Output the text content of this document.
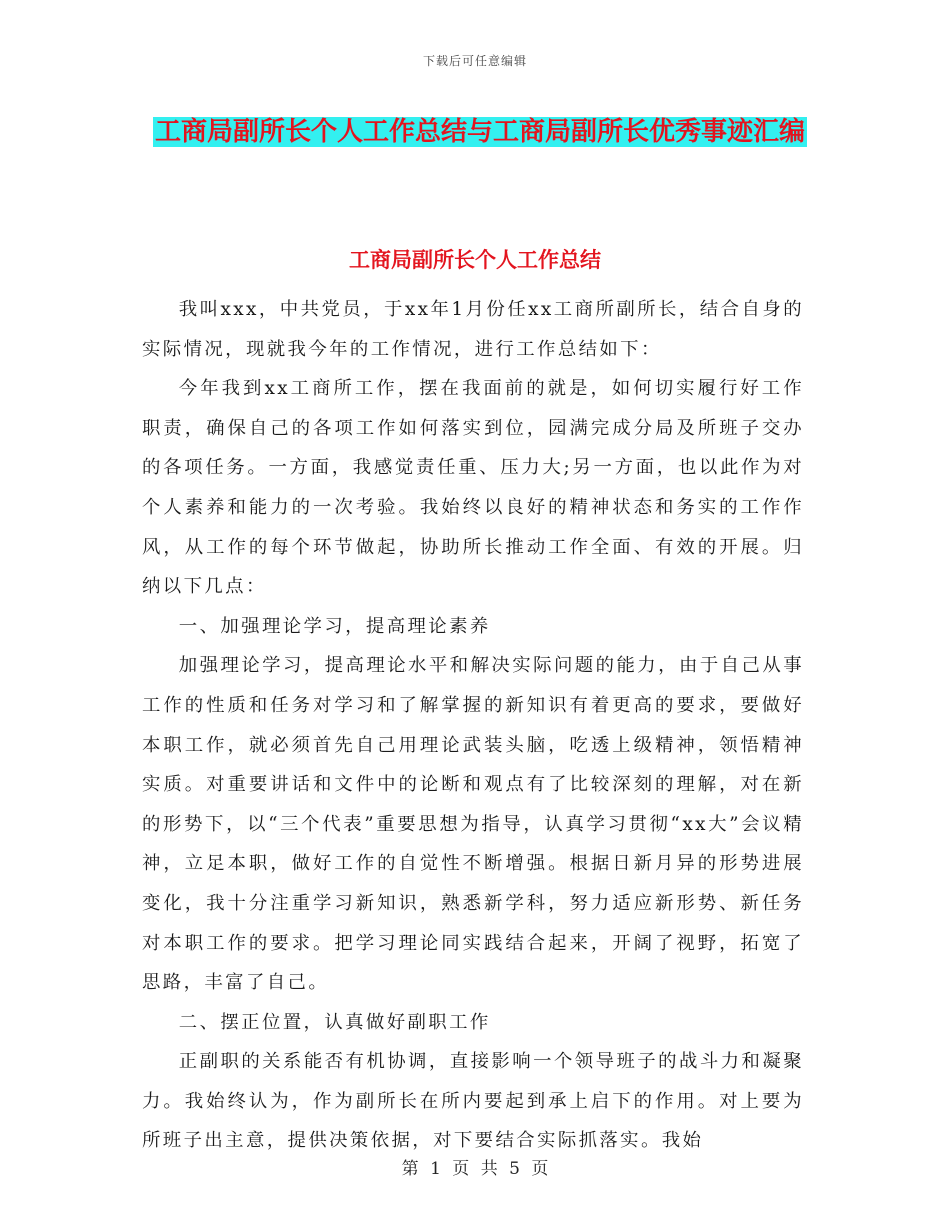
下载后可任意编辑
工商局副所长个人工作总结与工商局副所长优秀事迹汇编
工商局副所长个人工作总结

我叫xxx，中共党员，于xx年1月份任xx工商所副所长，结合自身的实际情况，现就我今年的工作情况，进行工作总结如下：

今年我到xx工商所工作，摆在我面前的就是，如何切实履行好工作职责，确保自己的各项工作如何落实到位，园满完成分局及所班子交办的各项任务。一方面，我感觉责任重、压力大;另一方面，也以此作为对个人素养和能力的一次考验。我始终以良好的精神状态和务实的工作作风，从工作的每个环节做起，协助所长推动工作全面、有效的开展。归纳以下几点：

一、加强理论学习，提高理论素养

加强理论学习，提高理论水平和解决实际问题的能力，由于自己从事工作的性质和任务对学习和了解掌握的新知识有着更高的要求，要做好本职工作，就必须首先自己用理论武装头脑，吃透上级精神，领悟精神实质。对重要讲话和文件中的论断和观点有了比较深刻的理解，对在新的形势下，以“三个代表”重要思想为指导，认真学习贯彻“xx大”会议精神，立足本职，做好工作的自觉性不断增强。根据日新月异的形势进展变化，我十分注重学习新知识，熟悉新学科，努力适应新形势、新任务对本职工作的要求。把学习理论同实践结合起来，开阔了视野，拓宽了思路，丰富了自己。

二、摆正位置，认真做好副职工作

正副职的关系能否有机协调，直接影响一个领导班子的战斗力和凝聚力。我始终认为，作为副所长在所内要起到承上启下的作用。对上要为所班子出主意，提供决策依据，对下要结合实际抓落实。我始

第 1 页 共 5 页
